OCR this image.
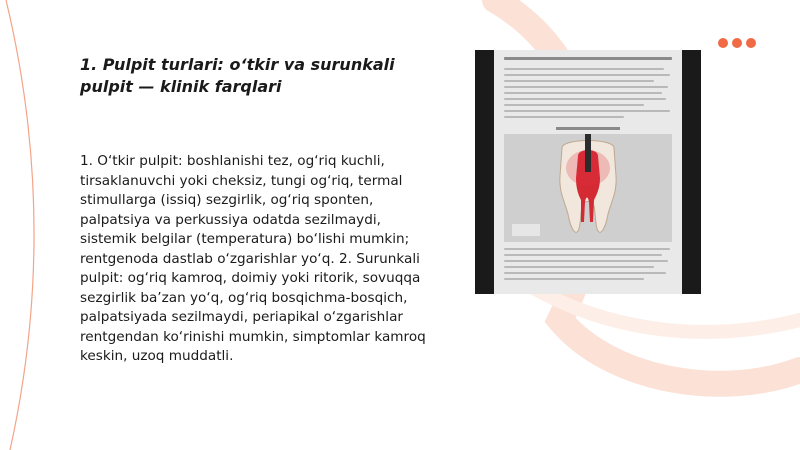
1. Pulpit turlari: o‘tkir va surunkali pulpit — klinik farqlari

1. O‘tkir pulpit: boshlanishi tez, og‘riq kuchli, tirsaklanuvchi yoki cheksiz, tungi og‘riq, termal stimullarga (issiq) sezgirlik, og‘riq sponten, palpatsiya va perkussiya odatda sezilmaydi, sistemik belgilar (temperatura) bo‘lishi mumkin; rentgenoda dastlab o‘zgarishlar yo‘q. 2. Surunkali pulpit: og‘riq kamroq, doimiy yoki ritorik, sovuqqa sezgirlik ba’zan yo‘q, og‘riq bosqichma-bosqich, palpatsiyada sezilmaydi, periapikal o‘zgarishlar rentgendan ko‘rinishi mumkin, simptomlar kamroq keskin, uzoq muddatli.
